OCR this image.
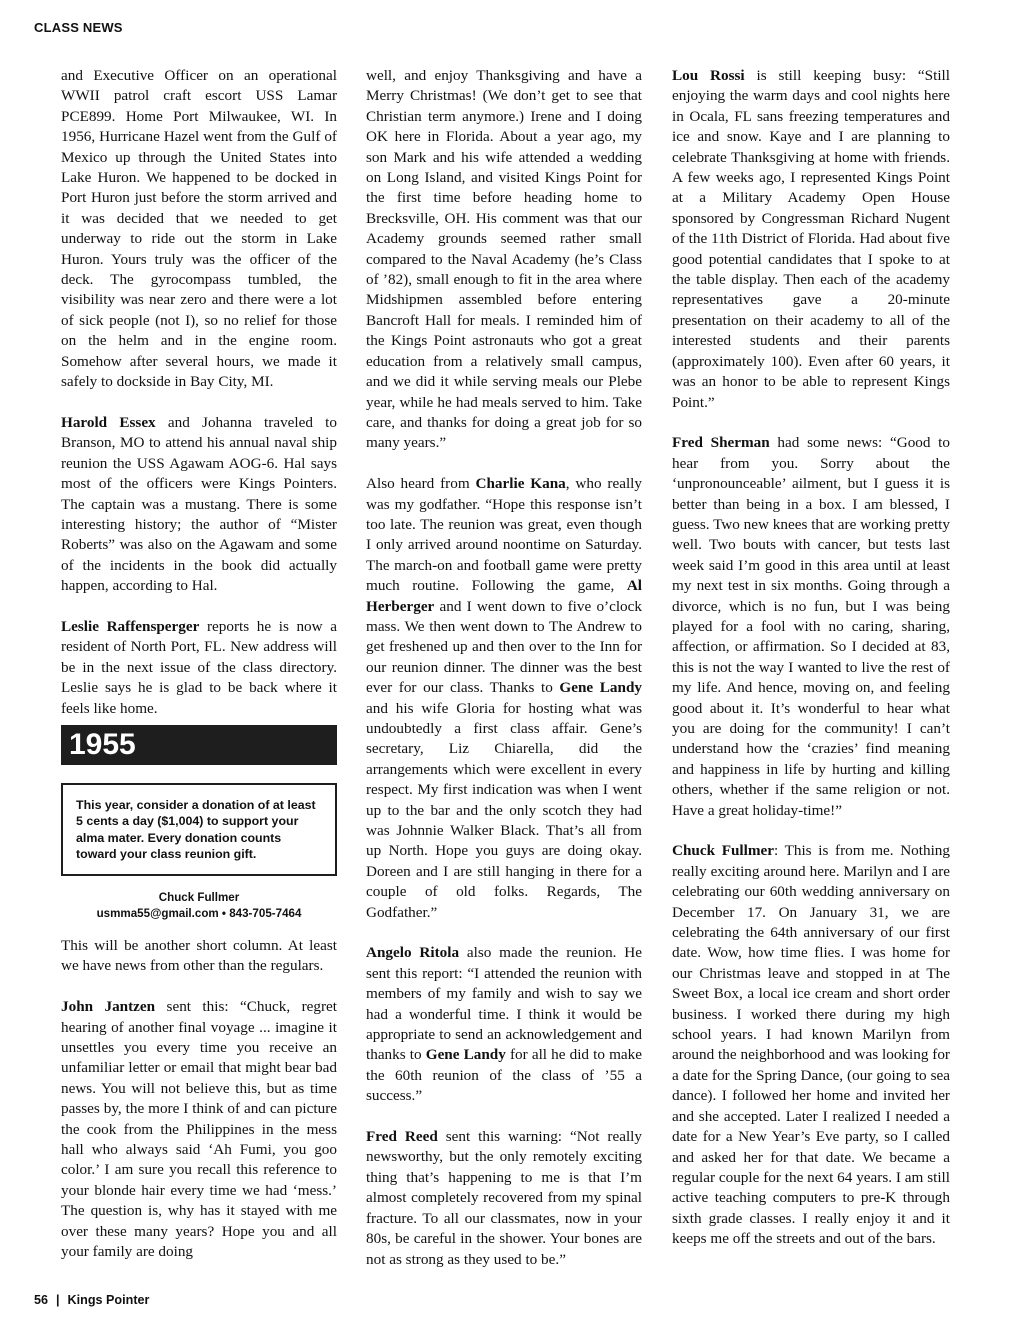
CLASS NEWS

and Executive Officer on an operational WWII patrol craft escort USS Lamar PCE899. Home Port Milwaukee, WI. In 1956, Hurricane Hazel went from the Gulf of Mexico up through the United States into Lake Huron. We happened to be docked in Port Huron just before the storm arrived and it was decided that we needed to get underway to ride out the storm in Lake Huron. Yours truly was the officer of the deck. The gyrocompass tumbled, the visibility was near zero and there were a lot of sick people (not I), so no relief for those on the helm and in the engine room. Somehow after several hours, we made it safely to dockside in Bay City, MI.

Harold Essex and Johanna traveled to Branson, MO to attend his annual naval ship reunion the USS Agawam AOG-6. Hal says most of the officers were Kings Pointers. The captain was a mustang. There is some interesting history; the author of “Mister Roberts” was also on the Agawam and some of the incidents in the book did actually happen, according to Hal.

Leslie Raffensperger reports he is now a resident of North Port, FL. New address will be in the next issue of the class directory. Leslie says he is glad to be back where it feels like home.

1955
This year, consider a donation of at least 5 cents a day ($1,004) to support your alma mater. Every donation counts toward your class reunion gift.
Chuck Fullmer
usmma55@gmail.com • 843-705-7464

This will be another short column. At least we have news from other than the regulars.

John Jantzen sent this: “Chuck, regret hearing of another final voyage ... imagine it unsettles you every time you receive an unfamiliar letter or email that might bear bad news. You will not believe this, but as time passes by, the more I think of and can picture the cook from the Philippines in the mess hall who always said ‘Ah Fumi, you goo color.’ I am sure you recall this reference to your blonde hair every time we had ‘mess.’ The question is, why has it stayed with me over these many years? Hope you and all your family are doing

well, and enjoy Thanksgiving and have a Merry Christmas! (We don’t get to see that Christian term anymore.) Irene and I doing OK here in Florida. About a year ago, my son Mark and his wife attended a wedding on Long Island, and visited Kings Point for the first time before heading home to Brecksville, OH. His comment was that our Academy grounds seemed rather small compared to the Naval Academy (he’s Class of ’82), small enough to fit in the area where Midshipmen assembled before entering Bancroft Hall for meals. I reminded him of the Kings Point astronauts who got a great education from a relatively small campus, and we did it while serving meals our Plebe year, while he had meals served to him. Take care, and thanks for doing a great job for so many years.”

Also heard from Charlie Kana, who really was my godfather. “Hope this response isn’t too late. The reunion was great, even though I only arrived around noontime on Saturday. The march-on and football game were pretty much routine. Following the game, Al Herberger and I went down to five o’clock mass. We then went down to The Andrew to get freshened up and then over to the Inn for our reunion dinner. The dinner was the best ever for our class. Thanks to Gene Landy and his wife Gloria for hosting what was undoubtedly a first class affair. Gene’s secretary, Liz Chiarella, did the arrangements which were excellent in every respect. My first indication was when I went up to the bar and the only scotch they had was Johnnie Walker Black. That’s all from up North. Hope you guys are doing okay. Doreen and I are still hanging in there for a couple of old folks. Regards, The Godfather.”

Angelo Ritola also made the reunion. He sent this report: “I attended the reunion with members of my family and wish to say we had a wonderful time. I think it would be appropriate to send an acknowledgement and thanks to Gene Landy for all he did to make the 60th reunion of the class of ’55 a success.”

Fred Reed sent this warning: “Not really newsworthy, but the only remotely exciting thing that’s happening to me is that I’m almost completely recovered from my spinal fracture. To all our classmates, now in your 80s, be careful in the shower. Your bones are not as strong as they used to be.”

Lou Rossi is still keeping busy: “Still enjoying the warm days and cool nights here in Ocala, FL sans freezing temperatures and ice and snow. Kaye and I are planning to celebrate Thanksgiving at home with friends. A few weeks ago, I represented Kings Point at a Military Academy Open House sponsored by Congressman Richard Nugent of the 11th District of Florida. Had about five good potential candidates that I spoke to at the table display. Then each of the academy representatives gave a 20-minute presentation on their academy to all of the interested students and their parents (approximately 100). Even after 60 years, it was an honor to be able to represent Kings Point.”

Fred Sherman had some news: “Good to hear from you. Sorry about the ‘unpronounceable’ ailment, but I guess it is better than being in a box. I am blessed, I guess. Two new knees that are working pretty well. Two bouts with cancer, but tests last week said I’m good in this area until at least my next test in six months. Going through a divorce, which is no fun, but I was being played for a fool with no caring, sharing, affection, or affirmation. So I decided at 83, this is not the way I wanted to live the rest of my life. And hence, moving on, and feeling good about it. It’s wonderful to hear what you are doing for the community! I can’t understand how the ‘crazies’ find meaning and happiness in life by hurting and killing others, whether if the same religion or not. Have a great holiday-time!”

Chuck Fullmer: This is from me. Nothing really exciting around here. Marilyn and I are celebrating our 60th wedding anniversary on December 17. On January 31, we are celebrating the 64th anniversary of our first date. Wow, how time flies. I was home for our Christmas leave and stopped in at The Sweet Box, a local ice cream and short order business. I worked there during my high school years. I had known Marilyn from around the neighborhood and was looking for a date for the Spring Dance, (our going to sea dance). I followed her home and invited her and she accepted. Later I realized I needed a date for a New Year’s Eve party, so I called and asked her for that date. We became a regular couple for the next 64 years. I am still active teaching computers to pre-K through sixth grade classes. I really enjoy it and it keeps me off the streets and out of the bars.

56 | Kings Pointer
